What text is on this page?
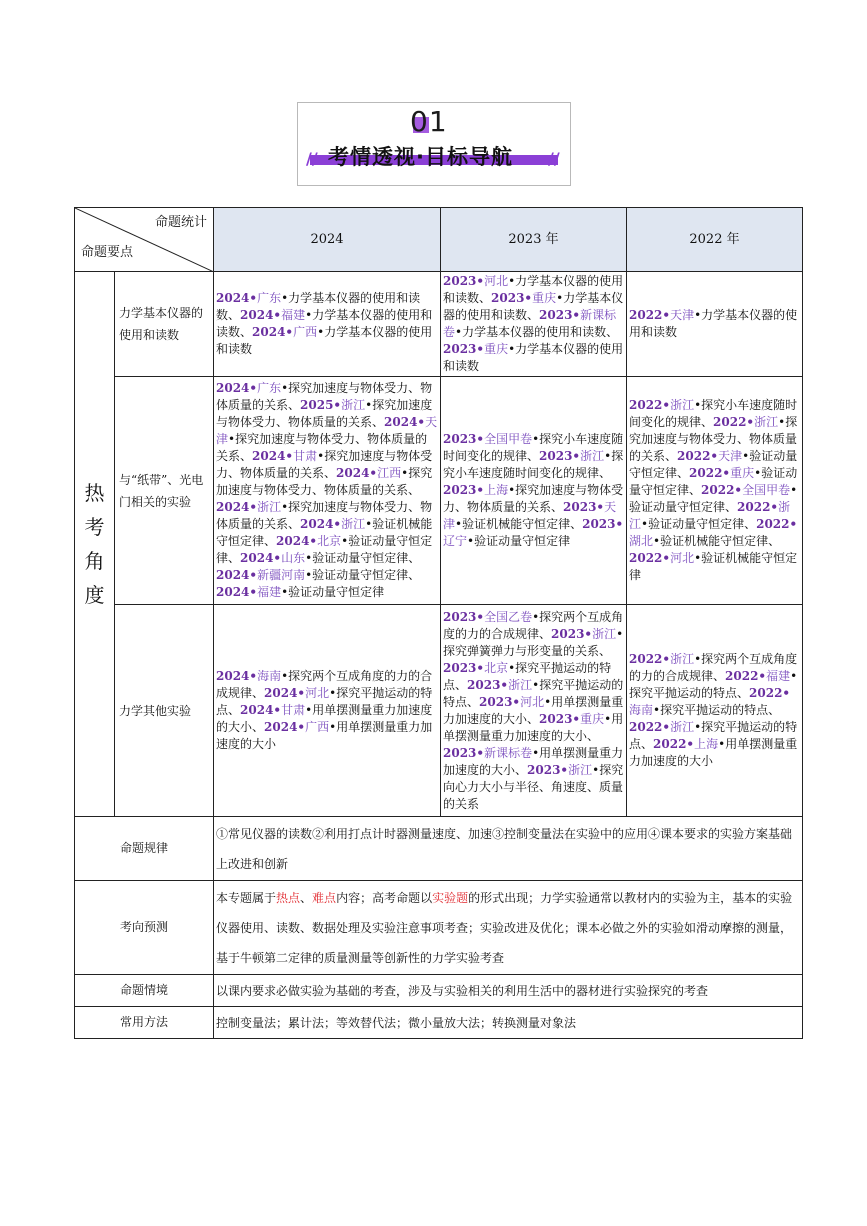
01
// 考情透视·目标导航 //
命题统计
命题要点		2024	2023 年	2022 年

热
考
角
度	力学基本仪器的使用和读数	2024•广东•力学基本仪器的使用和读数、2024•福建•力学基本仪器的使用和读数、2024•广西•力学基本仪器的使用和读数	2023•河北•力学基本仪器的使用和读数、2023•重庆•力学基本仪器的使用和读数、2023•新课标卷•力学基本仪器的使用和读数、2023•重庆•力学基本仪器的使用和读数	2022•天津•力学基本仪器的使用和读数
	与“纸带”、光电门相关的实验	2024•广东•探究加速度与物体受力、物体质量的关系、2025•浙江•探究加速度与物体受力、物体质量的关系、2024•天津•探究加速度与物体受力、物体质量的关系、2024•甘肃•探究加速度与物体受力、物体质量的关系、2024•江西•探究加速度与物体受力、物体质量的关系、2024•浙江•探究加速度与物体受力、物体质量的关系、2024•浙江•验证机械能守恒定律、2024•北京•验证动量守恒定律、2024•山东•验证动量守恒定律、2024•新疆河南•验证动量守恒定律、2024•福建•验证动量守恒定律	2023•全国甲卷•探究小车速度随时间变化的规律、2023•浙江•探究小车速度随时间变化的规律、2023•上海•探究加速度与物体受力、物体质量的关系、2023•天津•验证机械能守恒定律、2023•辽宁•验证动量守恒定律	2022•浙江•探究小车速度随时间变化的规律、2022•浙江•探究加速度与物体受力、物体质量的关系、2022•天津•验证动量守恒定律、2022•重庆•验证动量守恒定律、2022•全国甲卷•验证动量守恒定律、2022•浙江•验证动量守恒定律、2022•湖北•验证机械能守恒定律、2022•河北•验证机械能守恒定律
	力学其他实验	2024•海南•探究两个互成角度的力的合成规律、2024•河北•探究平抛运动的特点、2024•甘肃•用单摆测量重力加速度的大小、2024•广西•用单摆测量重力加速度的大小	2023•全国乙卷•探究两个互成角度的力的合成规律、2023•浙江•探究弹簧弹力与形变量的关系、2023•北京•探究平抛运动的特点、2023•浙江•探究平抛运动的特点、2023•河北•用单摆测量重力加速度的大小、2023•重庆•用单摆测量重力加速度的大小、2023•新课标卷•用单摆测量重力加速度的大小、2023•浙江•探究向心力大小与半径、角速度、质量的关系	2022•浙江•探究两个互成角度的力的合成规律、2022•福建•探究平抛运动的特点、2022•海南•探究平抛运动的特点、2022•浙江•探究平抛运动的特点、2022•上海•用单摆测量重力加速度的大小
命题规律		①常见仪器的读数②利用打点计时器测量速度、加速③控制变量法在实验中的应用④课本要求的实验方案基础上改进和创新		
考向预测		本专题属于热点、难点内容；高考命题以实验题的形式出现；力学实验通常以教材内的实验为主，基本的实验仪器使用、读数、数据处理及实验注意事项考查；实验改进及优化；课本必做之外的实验如滑动摩擦的测量，基于牛顿第二定律的质量测量等创新性的力学实验考查		
命题情境		以课内要求必做实验为基础的考查，涉及与实验相关的利用生活中的器材进行实验探究的考查		
常用方法		控制变量法；累计法；等效替代法；微小量放大法；转换测量对象法		
